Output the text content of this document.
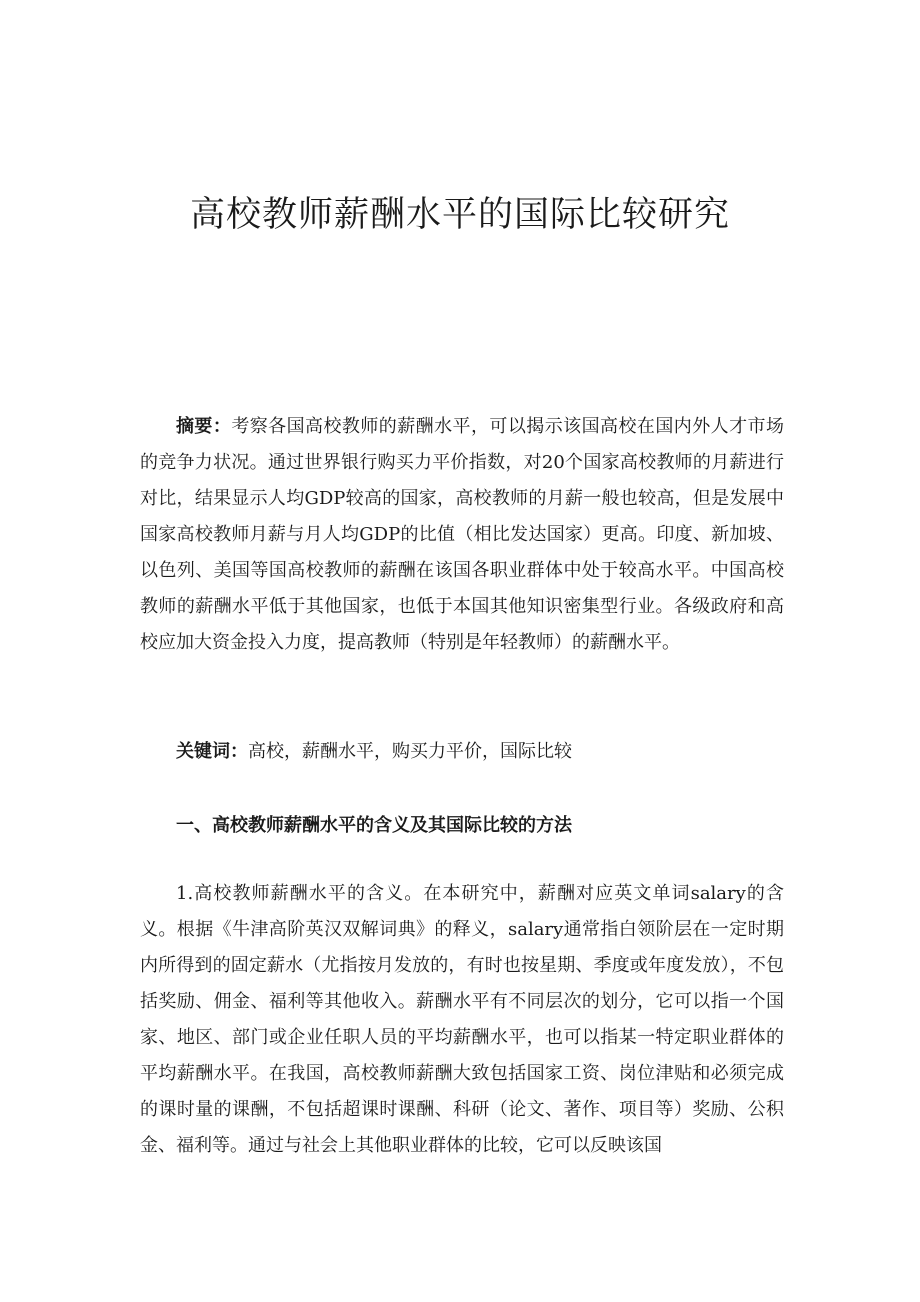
高校教师薪酬水平的国际比较研究

摘要：考察各国高校教师的薪酬水平，可以揭示该国高校在国内外人才市场的竞争力状况。通过世界银行购买力平价指数，对20个国家高校教师的月薪进行对比，结果显示人均GDP较高的国家，高校教师的月薪一般也较高，但是发展中国家高校教师月薪与月人均GDP的比值（相比发达国家）更高。印度、新加坡、以色列、美国等国高校教师的薪酬在该国各职业群体中处于较高水平。中国高校教师的薪酬水平低于其他国家，也低于本国其他知识密集型行业。各级政府和高校应加大资金投入力度，提高教师（特别是年轻教师）的薪酬水平。

关键词：高校，薪酬水平，购买力平价，国际比较

一、高校教师薪酬水平的含义及其国际比较的方法

1.高校教师薪酬水平的含义。在本研究中，薪酬对应英文单词salary的含义。根据《牛津高阶英汉双解词典》的释义，salary通常指白领阶层在一定时期内所得到的固定薪水（尤指按月发放的，有时也按星期、季度或年度发放），不包括奖励、佣金、福利等其他收入。薪酬水平有不同层次的划分，它可以指一个国家、地区、部门或企业任职人员的平均薪酬水平，也可以指某一特定职业群体的平均薪酬水平。在我国，高校教师薪酬大致包括国家工资、岗位津贴和必须完成的课时量的课酬，不包括超课时课酬、科研（论文、著作、项目等）奖励、公积金、福利等。通过与社会上其他职业群体的比较，它可以反映该国
